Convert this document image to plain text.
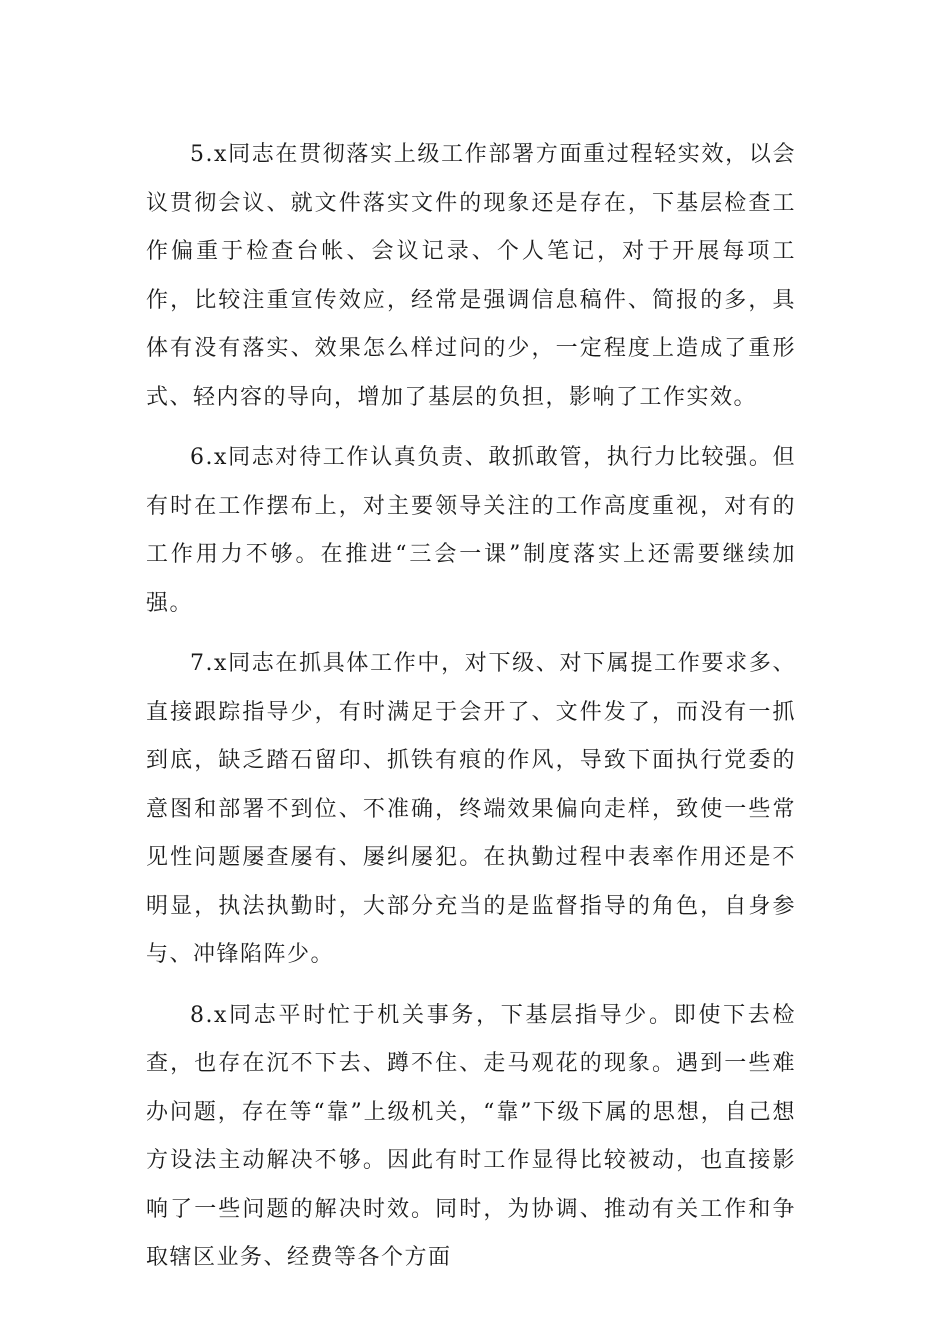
5.x同志在贯彻落实上级工作部署方面重过程轻实效，以会议贯彻会议、就文件落实文件的现象还是存在，下基层检查工作偏重于检查台帐、会议记录、个人笔记，对于开展每项工作，比较注重宣传效应，经常是强调信息稿件、简报的多，具体有没有落实、效果怎么样过问的少，一定程度上造成了重形式、轻内容的导向，增加了基层的负担，影响了工作实效。

6.x同志对待工作认真负责、敢抓敢管，执行力比较强。但有时在工作摆布上，对主要领导关注的工作高度重视，对有的工作用力不够。在推进“三会一课”制度落实上还需要继续加强。

7.x同志在抓具体工作中，对下级、对下属提工作要求多、直接跟踪指导少，有时满足于会开了、文件发了，而没有一抓到底，缺乏踏石留印、抓铁有痕的作风，导致下面执行党委的意图和部署不到位、不准确，终端效果偏向走样，致使一些常见性问题屡查屡有、屡纠屡犯。在执勤过程中表率作用还是不明显，执法执勤时，大部分充当的是监督指导的角色，自身参与、冲锋陷阵少。

8.x同志平时忙于机关事务，下基层指导少。即使下去检查，也存在沉不下去、蹲不住、走马观花的现象。遇到一些难办问题，存在等“靠”上级机关，“靠”下级下属的思想，自己想方设法主动解决不够。因此有时工作显得比较被动，也直接影响了一些问题的解决时效。同时，为协调、推动有关工作和争取辖区业务、经费等各个方面
